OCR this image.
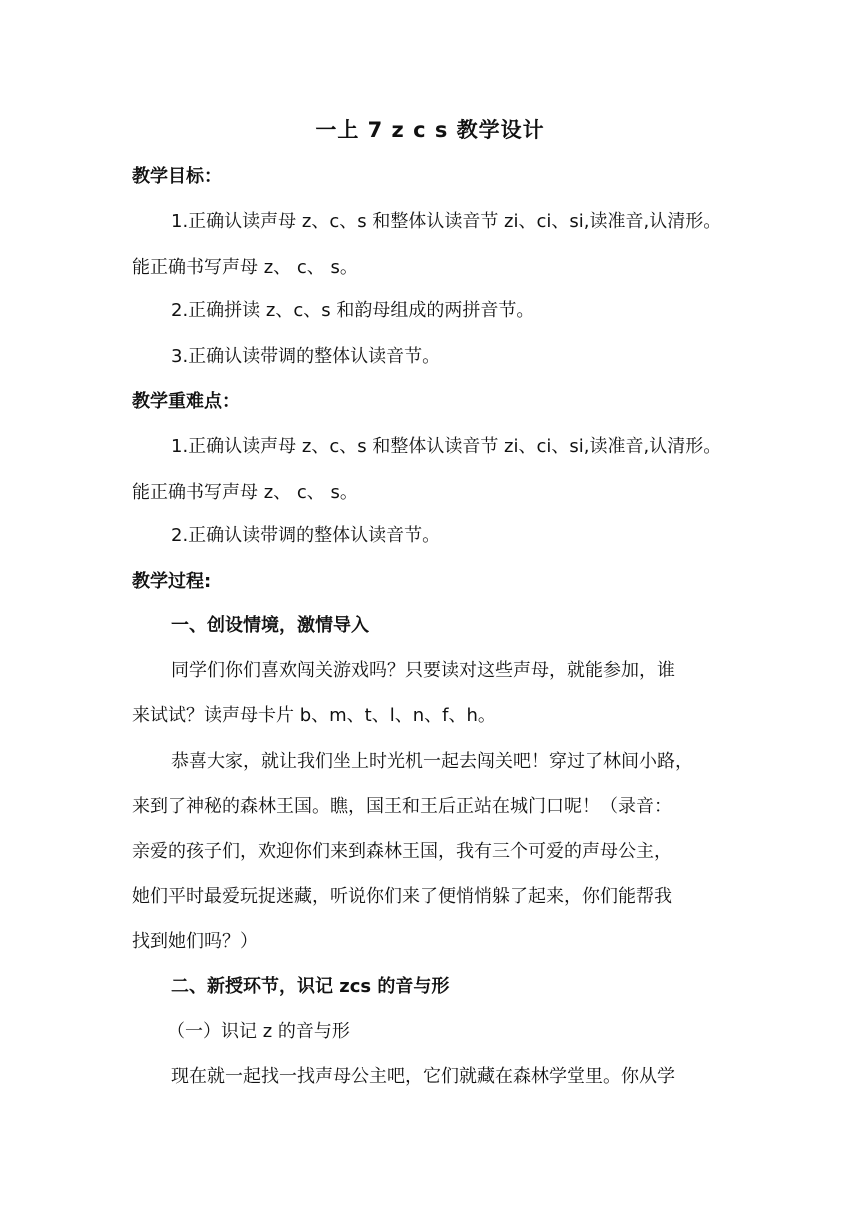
一上 7 z c s 教学设计
教学目标：
1.正确认读声母 z、c、s 和整体认读音节 zi、ci、si,读准音,认清形。
能正确书写声母 z、 c、 s。
2.正确拼读 z、c、s 和韵母组成的两拼音节。
3.正确认读带调的整体认读音节。
教学重难点：
1.正确认读声母 z、c、s 和整体认读音节 zi、ci、si,读准音,认清形。
能正确书写声母 z、 c、 s。
2.正确认读带调的整体认读音节。
教学过程:
一、创设情境，激情导入
同学们你们喜欢闯关游戏吗？只要读对这些声母，就能参加，谁
来试试？读声母卡片 b、m、t、l、n、f、h。
恭喜大家，就让我们坐上时光机一起去闯关吧！穿过了林间小路，
来到了神秘的森林王国。瞧，国王和王后正站在城门口呢！（录音：
亲爱的孩子们，欢迎你们来到森林王国，我有三个可爱的声母公主，
她们平时最爱玩捉迷藏，听说你们来了便悄悄躲了起来，你们能帮我
找到她们吗？）
二、新授环节，识记 zcs 的音与形
（一）识记 z 的音与形
现在就一起找一找声母公主吧，它们就藏在森林学堂里。你从学
